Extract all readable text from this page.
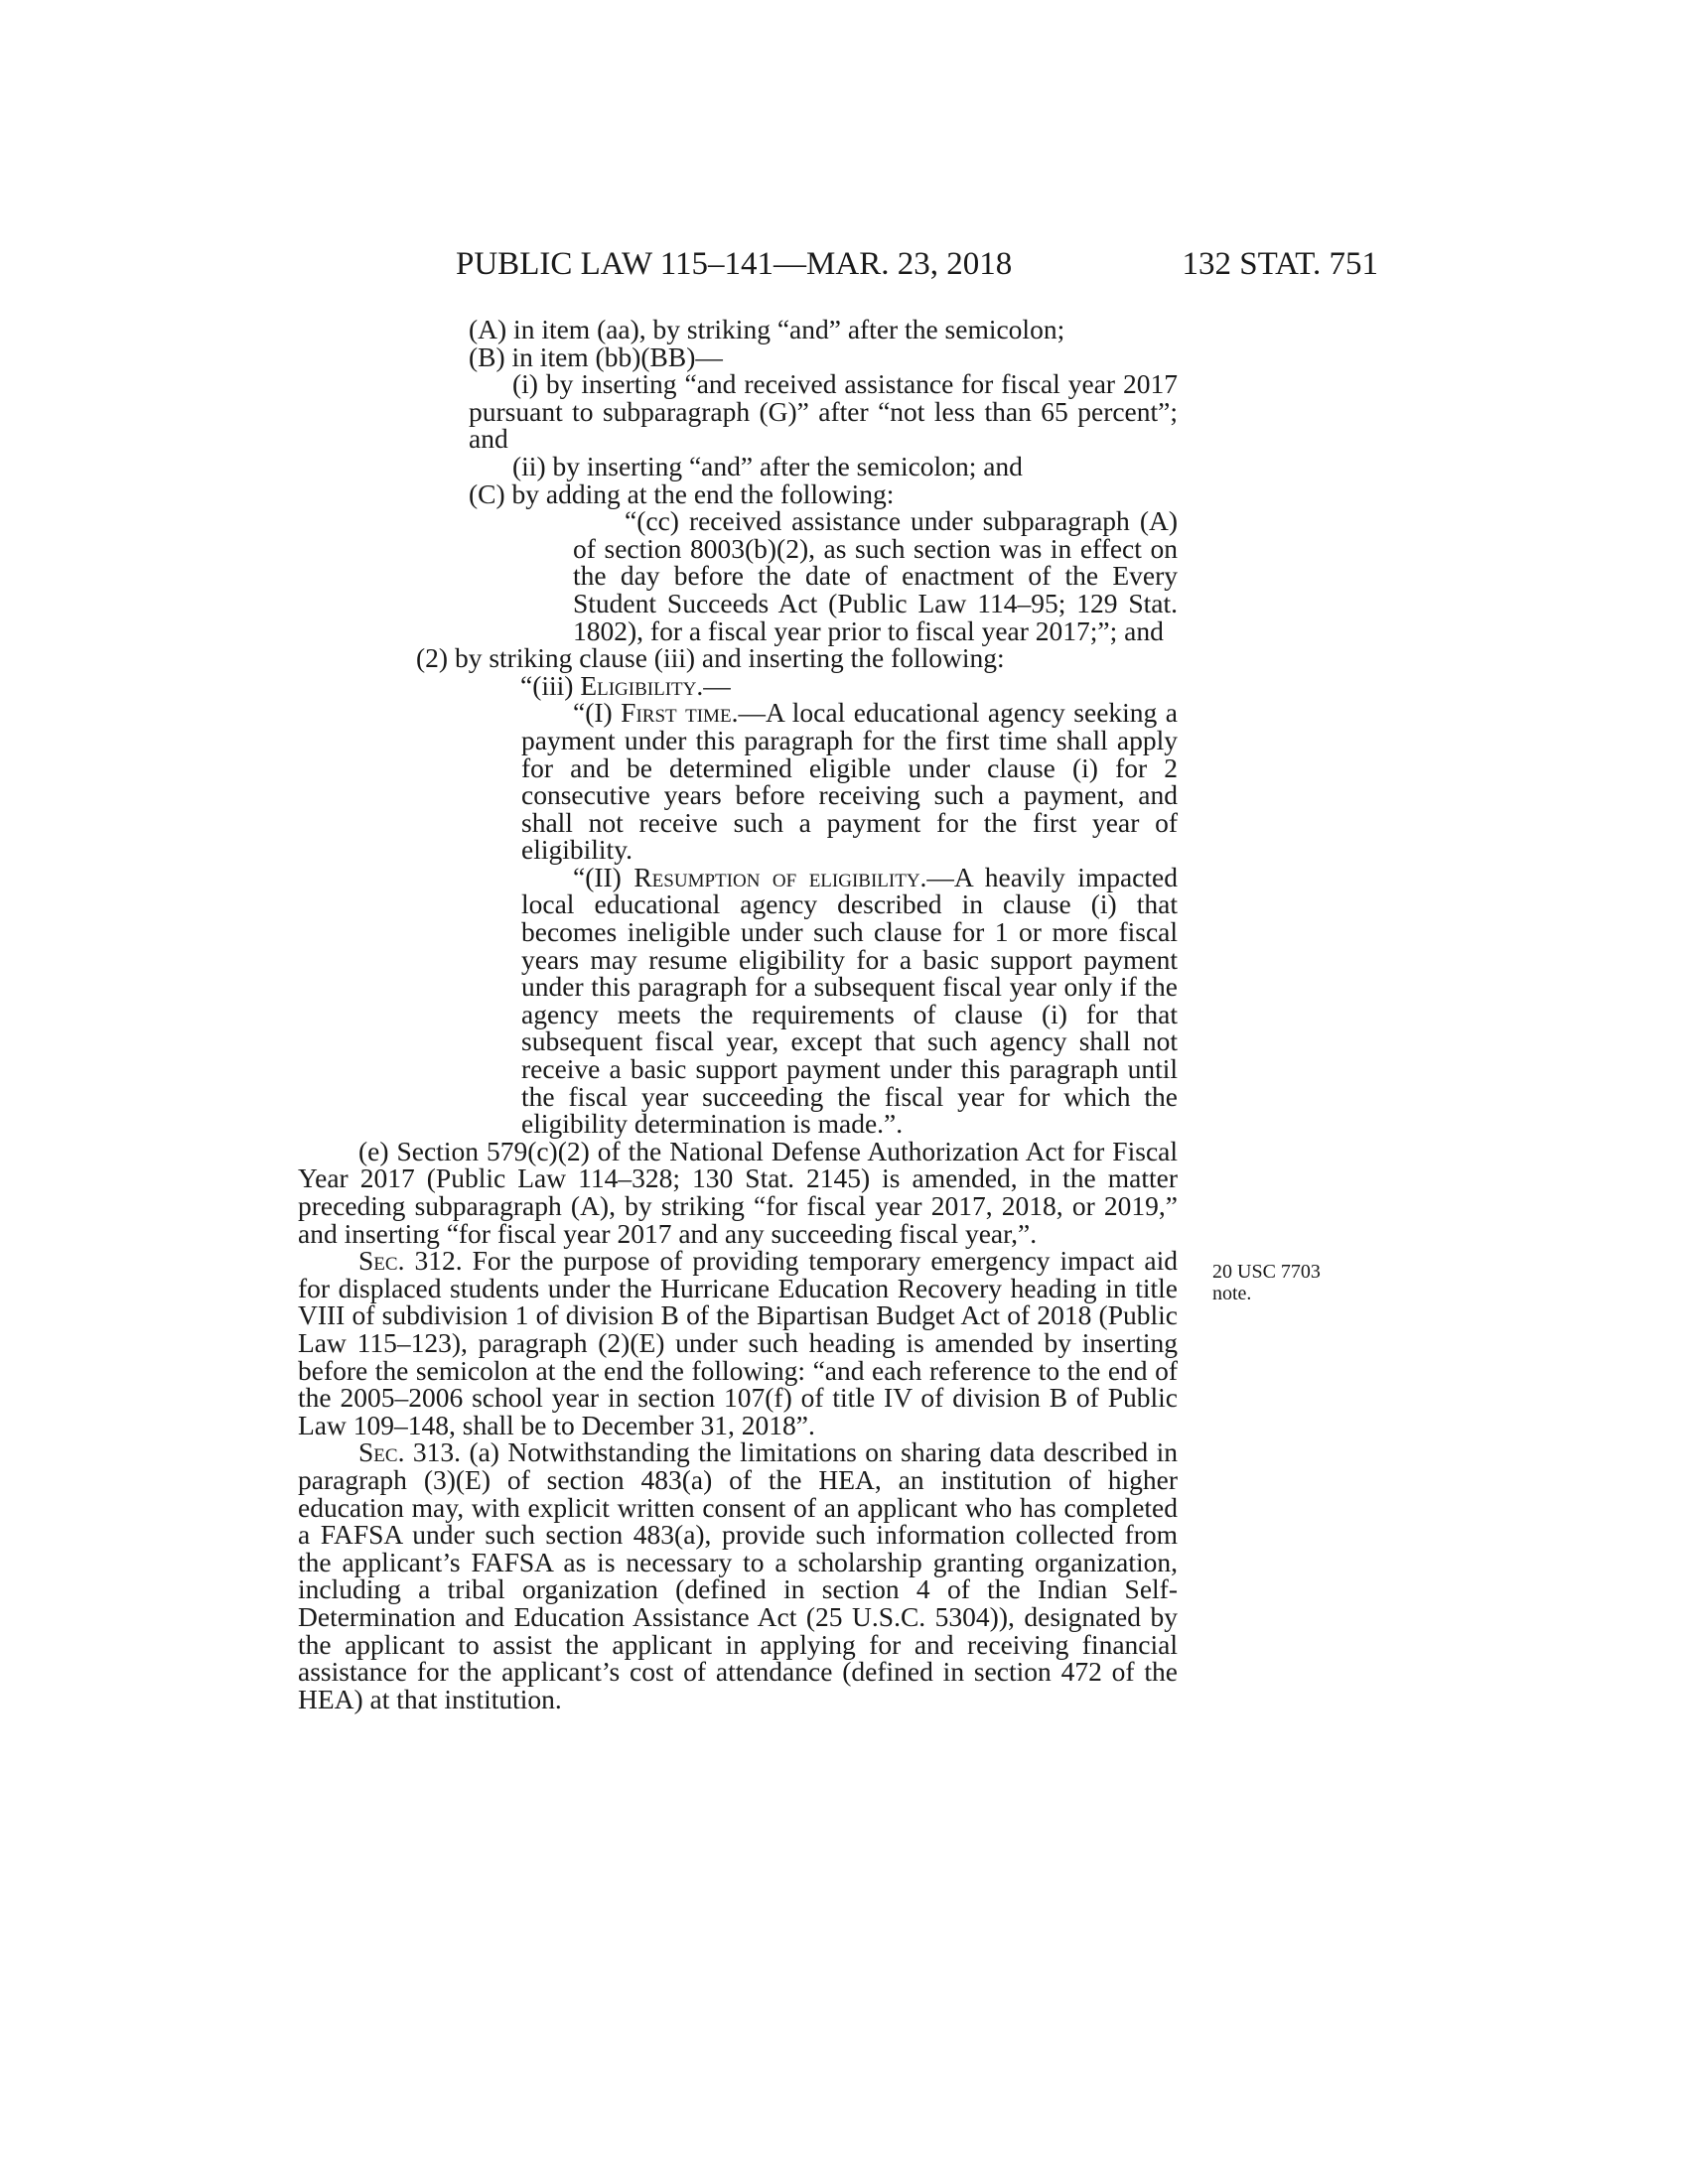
PUBLIC LAW 115–141—MAR. 23, 2018	132 STAT. 751

(A) in item (aa), by striking “and” after the semicolon;

(B) in item (bb)(BB)—

(i) by inserting “and received assistance for fiscal year 2017 pursuant to subparagraph (G)” after “not less than 65 percent”; and

(ii) by inserting “and” after the semicolon; and

(C) by adding at the end the following:

“(cc) received assistance under subparagraph (A) of section 8003(b)(2), as such section was in effect on the day before the date of enactment of the Every Student Succeeds Act (Public Law 114–95; 129 Stat. 1802), for a fiscal year prior to fiscal year 2017;”; and

(2) by striking clause (iii) and inserting the following:

“(iii) Eligibility.—

“(I) First time.—A local educational agency seeking a payment under this paragraph for the first time shall apply for and be determined eligible under clause (i) for 2 consecutive years before receiving such a payment, and shall not receive such a payment for the first year of eligibility.

“(II) Resumption of eligibility.—A heavily impacted local educational agency described in clause (i) that becomes ineligible under such clause for 1 or more fiscal years may resume eligibility for a basic support payment under this paragraph for a subsequent fiscal year only if the agency meets the requirements of clause (i) for that subsequent fiscal year, except that such agency shall not receive a basic support payment under this paragraph until the fiscal year succeeding the fiscal year for which the eligibility determination is made.”.

(e) Section 579(c)(2) of the National Defense Authorization Act for Fiscal Year 2017 (Public Law 114–328; 130 Stat. 2145) is amended, in the matter preceding subparagraph (A), by striking “for fiscal year 2017, 2018, or 2019,” and inserting “for fiscal year 2017 and any succeeding fiscal year,”.

Sec. 312. For the purpose of providing temporary emergency impact aid for displaced students under the Hurricane Education Recovery heading in title VIII of subdivision 1 of division B of the Bipartisan Budget Act of 2018 (Public Law 115–123), paragraph (2)(E) under such heading is amended by inserting before the semicolon at the end the following: “and each reference to the end of the 2005–2006 school year in section 107(f) of title IV of division B of Public Law 109–148, shall be to December 31, 2018”.

Sec. 313. (a) Notwithstanding the limitations on sharing data described in paragraph (3)(E) of section 483(a) of the HEA, an institution of higher education may, with explicit written consent of an applicant who has completed a FAFSA under such section 483(a), provide such information collected from the applicant’s FAFSA as is necessary to a scholarship granting organization, including a tribal organization (defined in section 4 of the Indian Self-Determination and Education Assistance Act (25 U.S.C. 5304)), designated by the applicant to assist the applicant in applying for and receiving financial assistance for the applicant’s cost of attendance (defined in section 472 of the HEA) at that institution.

20 USC 7703
note.
